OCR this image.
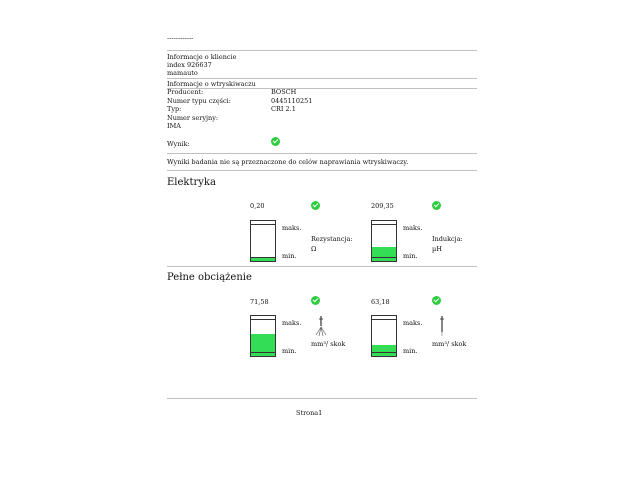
------------
Informacje o kliencie
index 926637
mamauto
Informacje o wtryskiwaczu
Producent:	BOSCH
Numer typu części:	0445110251
Typ:	CRI 2.1
Numer seryjny:
IMA
Wynik:
Wyniki badania nie są przeznaczone do celów naprawiania wtryskiwaczy.
Elektryka
0,20
maks.
min.
Rezystancja:
Ω
209,35
maks.
min.
Indukcja:
µH
Pełne obciążenie
71,58
maks.
min.
mm³/ skok
63,18
maks.
min.
mm³/ skok
Strona1
